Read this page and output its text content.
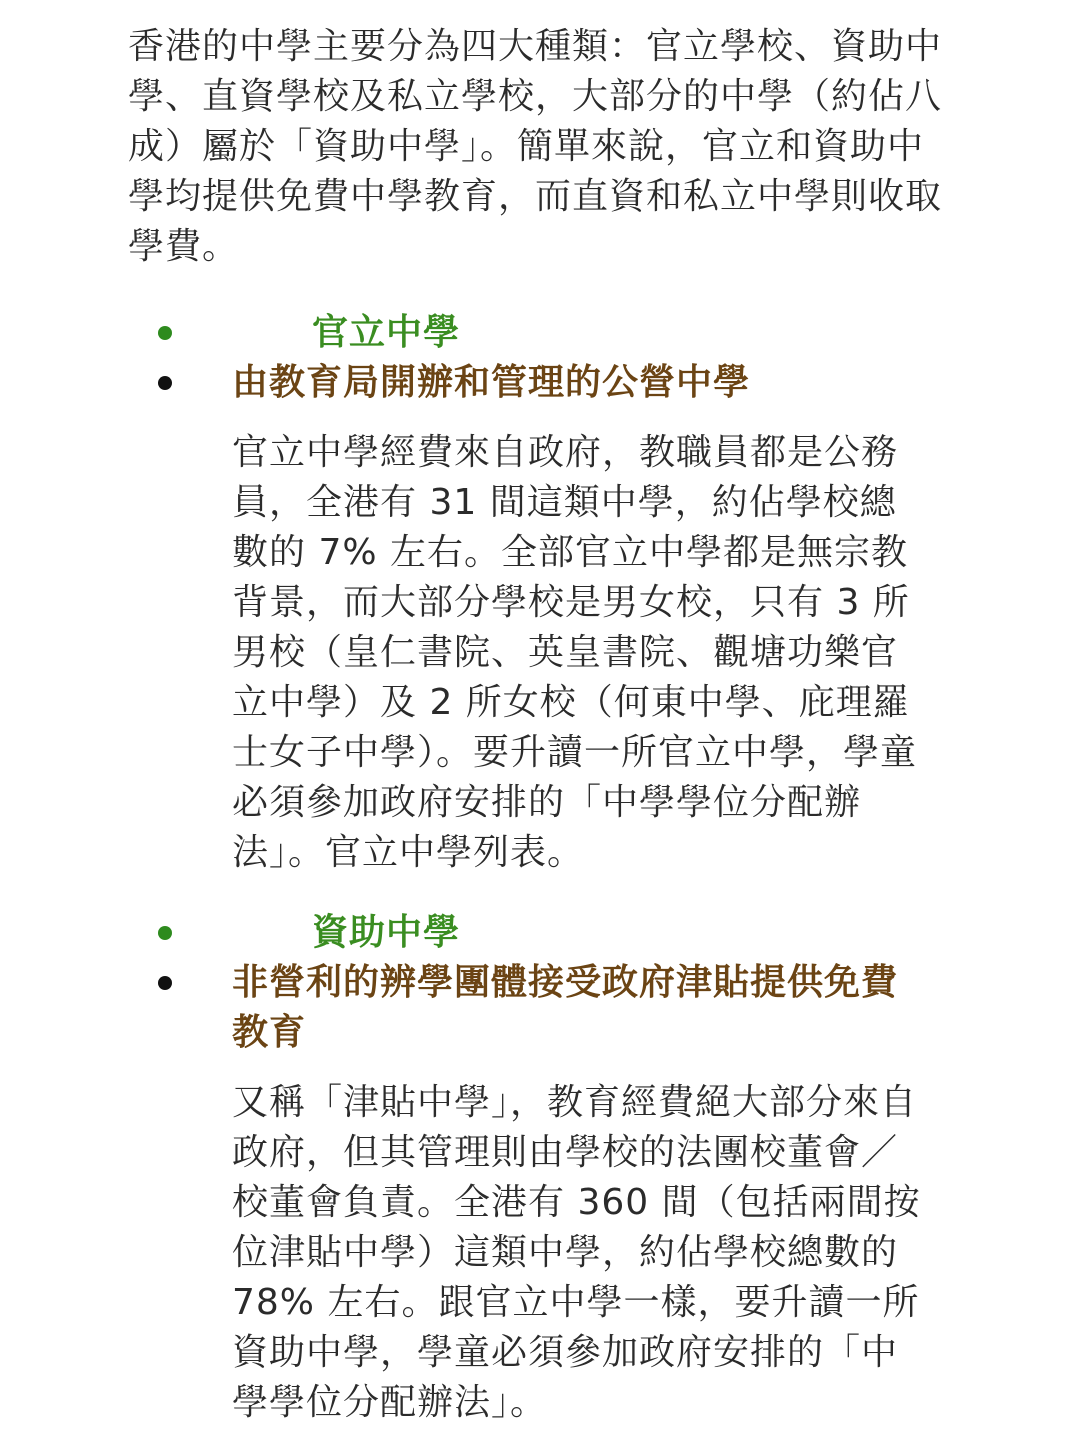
香港的中學主要分為四大種類：官立學校、資助中學、直資學校及私立學校，大部分的中學（約佔八成）屬於「資助中學」。簡單來說，官立和資助中學均提供免費中學教育，而直資和私立中學則收取學費。

官立中學
由教育局開辦和管理的公營中學

官立中學經費來自政府，教職員都是公務員，全港有 31 間這類中學，約佔學校總數的 7% 左右。全部官立中學都是無宗教背景，而大部分學校是男女校，只有 3 所男校（皇仁書院、英皇書院、觀塘功樂官立中學）及 2 所女校（何東中學、庇理羅士女子中學）。要升讀一所官立中學，學童必須參加政府安排的「中學學位分配辦法」。官立中學列表。

資助中學
非營利的辨學團體接受政府津貼提供免費教育

又稱「津貼中學」，教育經費絕大部分來自政府，但其管理則由學校的法團校董會／校董會負責。全港有 360 間（包括兩間按位津貼中學）這類中學，約佔學校總數的 78% 左右。跟官立中學一樣，要升讀一所資助中學，學童必須參加政府安排的「中學學位分配辦法」。
